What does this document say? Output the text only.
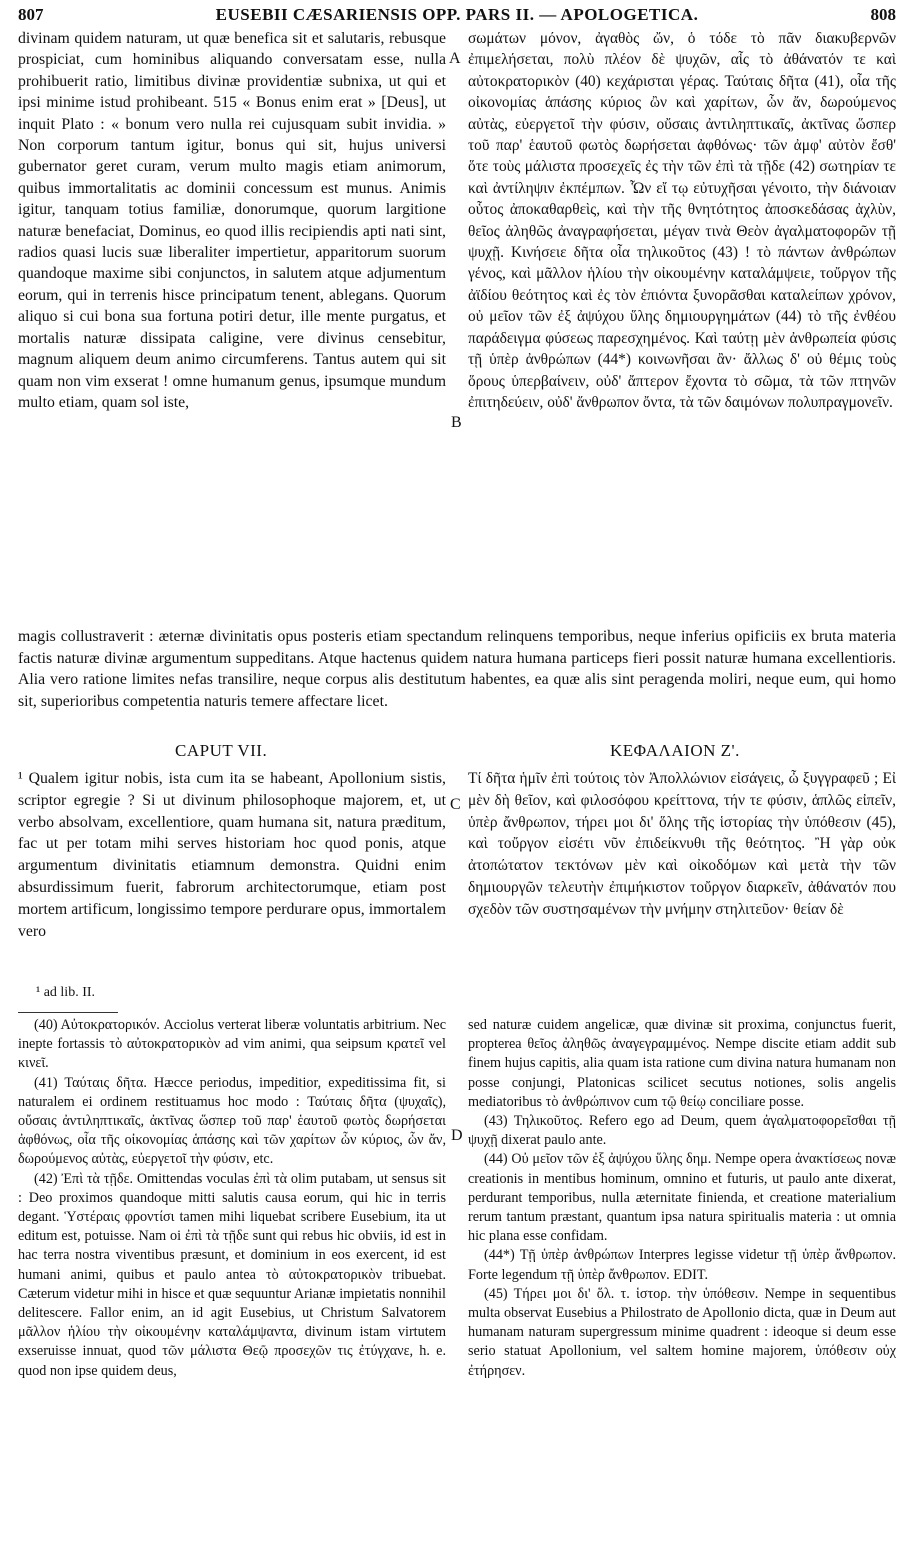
807	EUSEBII CÆSARIENSIS OPP. PARS II. — APOLOGETICA.	808

divinam quidem naturam, ut quæ benefica sit et salutaris, rebusque prospiciat, cum hominibus aliquando conversatam esse, nulla prohibuerit ratio, limitibus divinæ providentiæ subnixa, ut qui et ipsi minime istud prohibeant. 515 « Bonus enim erat » [Deus], ut inquit Plato : « bonum vero nulla rei cujusquam subit invidia. » Non corporum tantum igitur, bonus qui sit, hujus universi gubernator geret curam, verum multo magis etiam animorum, quibus immortalitatis ac dominii concessum est munus. Animis igitur, tanquam totius familiæ, donorumque, quorum largitione naturæ benefaciat, Dominus, eo quod illis recipiendis apti nati sint, radios quasi lucis suæ liberaliter impertietur, apparitorum suorum quandoque maxime sibi conjunctos, in salutem atque adjumentum eorum, qui in terrenis hisce principatum tenent, ablegans. Quorum aliquo si cui bona sua fortuna potiri detur, ille mente purgatus, et mortalis naturæ dissipata caligine, vere divinus censebitur, magnum aliquem deum animo circumferens. Tantus autem qui sit quam non vim exserat ! omne humanum genus, ipsumque mundum multo etiam, quam sol iste,

σωμάτων μόνον, ἀγαθὸς ὤν, ὁ τόδε τὸ πᾶν διακυβερνῶν ἐπιμελήσεται, πολὺ πλέον δὲ ψυχῶν, αἷς τὸ ἀθάνατόν τε καὶ αὐτοκρατορικὸν (40) κεχάρισται γέρας. Ταύταις δῆτα (41), οἷα τῆς οἰκονομίας ἁπάσης κύριος ὢν καὶ χαρίτων, ὧν ἄν, δωρούμενος αὐτὰς, εὐεργετοῖ τὴν φύσιν, οὔσαις ἀντιληπτικαῖς, ἀκτῖνας ὥσπερ τοῦ παρ' ἑαυτοῦ φωτὸς δωρήσεται ἀφθόνως· τῶν ἀμφ' αὐτὸν ἔσθ' ὅτε τοὺς μάλιστα προσεχεῖς ἐς τὴν τῶν ἐπὶ τὰ τῇδε (42) σωτηρίαν τε καὶ ἀντίληψιν ἐκπέμπων. Ὧν εἴ τῳ εὐτυχῆσαι γένοιτο, τὴν διάνοιαν οὗτος ἀποκαθαρθεὶς, καὶ τὴν τῆς θνητότητος ἀποσκεδάσας ἀχλὺν, θεῖος ἀληθῶς ἀναγραφήσεται, μέγαν τινὰ Θεὸν ἀγαλματοφορῶν τῇ ψυχῇ. Κινήσειε δῆτα οἷα τηλικοῦτος (43) ! τὸ πάντων ἀνθρώπων γένος, καὶ μᾶλλον ἡλίου τὴν οἰκουμένην καταλάμψειε, τοὔργον τῆς ἀϊδίου θεότητος καὶ ἐς τὸν ἐπιόντα ξυνορᾶσθαι καταλείπων χρόνον, οὐ μεῖον τῶν ἐξ ἀψύχου ὕλης δημιουργημάτων (44) τὸ τῆς ἐνθέου παράδειγμα φύσεως παρεσχημένος. Καὶ ταύτῃ μὲν ἀνθρωπεία φύσις τῇ ὑπὲρ ἀνθρώπων (44*) κοινωνῆσαι ἂν· ἄλλως δ' οὐ θέμις τοὺς ὅρους ὑπερβαίνειν, οὐδ' ἄπτερον ἔχοντα τὸ σῶμα, τὰ τῶν πτηνῶν ἐπιτηδεύειν, οὐδ' ἄνθρωπον ὄντα, τὰ τῶν δαιμόνων πολυπραγμονεῖν.

A
B
C
D

magis collustraverit : æternæ divinitatis opus posteris etiam spectandum relinquens temporibus, neque inferius opificiis ex bruta materia factis naturæ divinæ argumentum suppeditans. Atque hactenus quidem natura humana particeps fieri possit naturæ humana excellentioris. Alia vero ratione limites nefas transilire, neque corpus alis destitutum habentes, ea quæ alis sint peragenda moliri, neque eum, qui homo sit, superioribus competentia naturis temere affectare licet.

CAPUT VII.	ΚΕΦΑΛΑΙΟΝ Ζ'.

¹ Qualem igitur nobis, ista cum ita se habeant, Apollonium sistis, scriptor egregie ? Si ut divinum philosophoque majorem, et, ut verbo absolvam, excellentiore, quam humana sit, natura præditum, fac ut per totam mihi serves historiam hoc quod ponis, atque argumentum divinitatis etiamnum demonstra. Quidni enim absurdissimum fuerit, fabrorum architectorumque, etiam post mortem artificum, longissimo tempore perdurare opus, immortalem vero

Τί δῆτα ἡμῖν ἐπὶ τούτοις τὸν Ἀπολλώνιον εἰσάγεις, ὦ ξυγγραφεῦ ; Εἰ μὲν δὴ θεῖον, καὶ φιλοσόφου κρείττονα, τήν τε φύσιν, ἁπλῶς εἰπεῖν, ὑπὲρ ἄνθρωπον, τήρει μοι δι' ὅλης τῆς ἱστορίας τὴν ὑπόθεσιν (45), καὶ τοὔργον εἰσέτι νῦν ἐπιδείκνυθι τῆς θεότητος. Ἢ γὰρ οὐκ ἀτοπώτατον τεκτόνων μὲν καὶ οἰκοδόμων καὶ μετὰ τὴν τῶν δημιουργῶν τελευτὴν ἐπιμήκιστον τοὔργον διαρκεῖν, ἀθάνατόν που σχεδὸν τῶν συστησαμένων τὴν μνήμην στηλιτεῦον· θείαν δὲ

¹ ad lib. II.

(40) Αὐτοκρατορικόν. Acciolus verterat liberæ voluntatis arbitrium. Nec inepte fortassis τὸ αὐτοκρατορικὸν ad vim animi, qua seipsum κρατεῖ vel κινεῖ.

(41) Ταύταις δῆτα. Hæcce periodus, impeditior, expeditissima fit, si naturalem ei ordinem restituamus hoc modo : Ταύταις δῆτα (ψυχαῖς), οὔσαις ἀντιληπτικαῖς, ἀκτῖνας ὥσπερ τοῦ παρ' ἑαυτοῦ φωτὸς δωρήσεται ἀφθόνως, οἷα τῆς οἰκονομίας ἁπάσης καὶ τῶν χαρίτων ὧν κύριος, ὧν ἄν, δωρούμενος αὐτὰς, εὐεργετοῖ τὴν φύσιν, etc.

(42) Ἐπὶ τὰ τῇδε. Omittendas voculas ἐπὶ τὰ olim putabam, ut sensus sit : Deo proximos quandoque mitti salutis causa eorum, qui hic in terris degant. Ὑστέραις φροντίσι tamen mihi liquebat scribere Eusebium, ita ut editum est, potuisse. Nam oi ἐπὶ τὰ τῇδε sunt qui rebus hic obviis, id est in hac terra nostra viventibus præsunt, et dominium in eos exercent, id est humani animi, quibus et paulo antea τὸ αὐτοκρατορικὸν tribuebat. Cæterum videtur mihi in hisce et quæ sequuntur Arianæ impietatis nonnihil delitescere. Fallor enim, an id agit Eusebius, ut Christum Salvatorem μᾶλλον ἡλίου τὴν οἰκουμένην καταλάμψαντα, divinum istam virtutem exseruisse innuat, quod τῶν μάλιστα Θεῷ προσεχῶν τις ἐτύγχανε, h. e. quod non ipse quidem deus,

sed naturæ cuidem angelicæ, quæ divinæ sit proxima, conjunctus fuerit, propterea θεῖος ἀληθῶς ἀναγεγραμμένος. Nempe discite etiam addit sub finem hujus capitis, alia quam ista ratione cum divina natura humanam non posse conjungi, Platonicas scilicet secutus notiones, solis angelis mediatoribus τὸ ἀνθρώπινον cum τῷ θείῳ conciliare posse.

(43) Τηλικοῦτος. Refero ego ad Deum, quem ἀγαλματοφορεῖσθαι τῇ ψυχῇ dixerat paulo ante.

(44) Οὐ μεῖον τῶν ἐξ ἀψύχου ὕλης δημ. Nempe opera ἀνακτίσεως novæ creationis in mentibus hominum, omnino et futuris, ut paulo ante dixerat, perdurant temporibus, nulla æternitate finienda, et creatione materialium rerum tantum præstant, quantum ipsa natura spiritualis materia : ut omnia hic plana esse confidam.

(44*) Τῇ ὑπὲρ ἀνθρώπων Interpres legisse videtur τῇ ὑπὲρ ἄνθρωπον. Forte legendum τῇ ὑπὲρ ἄνθρωπον. EDIT.

(45) Τήρει μοι δι' ὅλ. τ. ἱστορ. τὴν ὑπόθεσιν. Nempe in sequentibus multa observat Eusebius a Philostrato de Apollonio dicta, quæ in Deum aut humanam naturam supergressum minime quadrent : ideoque si deum esse serio statuat Apollonium, vel saltem homine majorem, ὑπόθεσιν οὐχ ἐτήρησεν.
